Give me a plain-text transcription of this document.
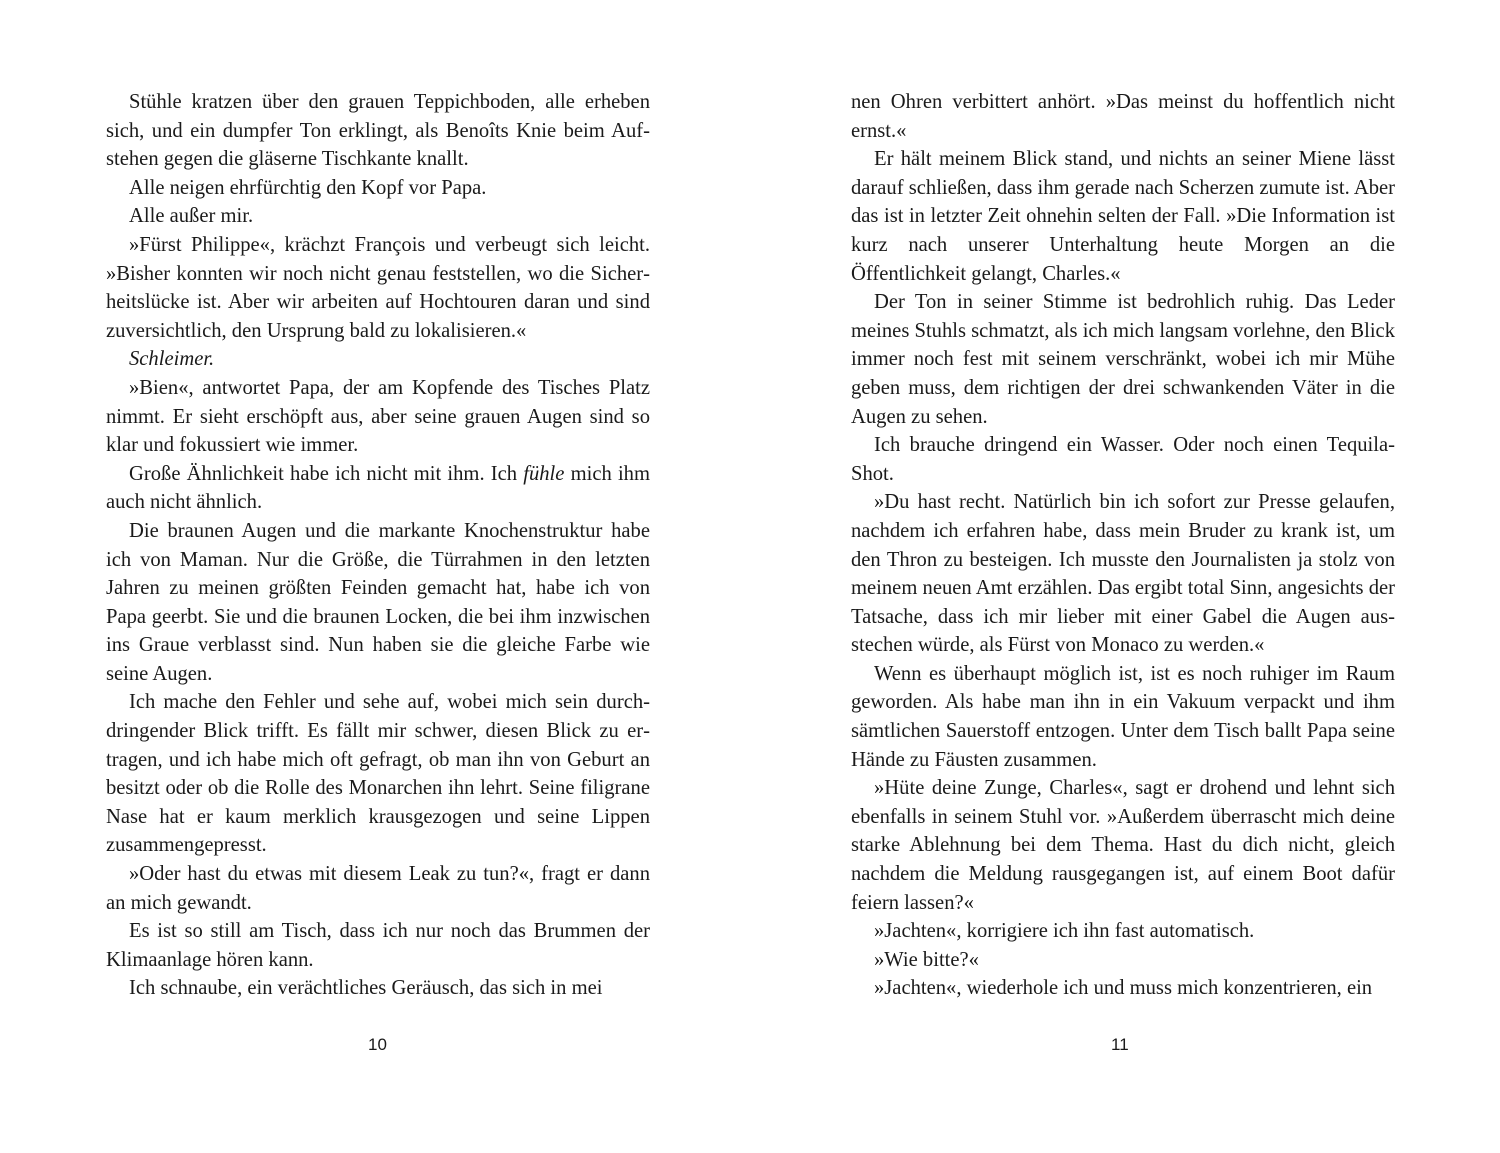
Stühle kratzen über den grauen Teppichboden, alle erheben sich, und ein dumpfer Ton erklingt, als Benoîts Knie beim Aufstehen gegen die gläserne Tischkante knallt.

Alle neigen ehrfürchtig den Kopf vor Papa.

Alle außer mir.

»Fürst Philippe«, krächzt François und verbeugt sich leicht. »Bisher konnten wir noch nicht genau feststellen, wo die Sicherheitslücke ist. Aber wir arbeiten auf Hochtouren daran und sind zuversichtlich, den Ursprung bald zu lokalisieren.«

Schleimer.

»Bien«, antwortet Papa, der am Kopfende des Tisches Platz nimmt. Er sieht erschöpft aus, aber seine grauen Augen sind so klar und fokussiert wie immer.

Große Ähnlichkeit habe ich nicht mit ihm. Ich fühle mich ihm auch nicht ähnlich.

Die braunen Augen und die markante Knochenstruktur habe ich von Maman. Nur die Größe, die Türrahmen in den letzten Jahren zu meinen größten Feinden gemacht hat, habe ich von Papa geerbt. Sie und die braunen Locken, die bei ihm inzwischen ins Graue verblasst sind. Nun haben sie die gleiche Farbe wie seine Augen.

Ich mache den Fehler und sehe auf, wobei mich sein durchdringender Blick trifft. Es fällt mir schwer, diesen Blick zu ertragen, und ich habe mich oft gefragt, ob man ihn von Geburt an besitzt oder ob die Rolle des Monarchen ihn lehrt. Seine filigrane Nase hat er kaum merklich krausgezogen und seine Lippen zusammengepresst.

»Oder hast du etwas mit diesem Leak zu tun?«, fragt er dann an mich gewandt.

Es ist so still am Tisch, dass ich nur noch das Brummen der Klimaanlage hören kann.

Ich schnaube, ein verächtliches Geräusch, das sich in mei

nen Ohren verbittert anhört. »Das meinst du hoffentlich nicht ernst.«

Er hält meinem Blick stand, und nichts an seiner Miene lässt darauf schließen, dass ihm gerade nach Scherzen zumute ist. Aber das ist in letzter Zeit ohnehin selten der Fall. »Die Information ist kurz nach unserer Unterhaltung heute Morgen an die Öffentlichkeit gelangt, Charles.«

Der Ton in seiner Stimme ist bedrohlich ruhig. Das Leder meines Stuhls schmatzt, als ich mich langsam vorlehne, den Blick immer noch fest mit seinem verschränkt, wobei ich mir Mühe geben muss, dem richtigen der drei schwankenden Väter in die Augen zu sehen.

Ich brauche dringend ein Wasser. Oder noch einen Tequila-Shot.

»Du hast recht. Natürlich bin ich sofort zur Presse gelaufen, nachdem ich erfahren habe, dass mein Bruder zu krank ist, um den Thron zu besteigen. Ich musste den Journalisten ja stolz von meinem neuen Amt erzählen. Das ergibt total Sinn, angesichts der Tatsache, dass ich mir lieber mit einer Gabel die Augen ausstechen würde, als Fürst von Monaco zu werden.«

Wenn es überhaupt möglich ist, ist es noch ruhiger im Raum geworden. Als habe man ihn in ein Vakuum verpackt und ihm sämtlichen Sauerstoff entzogen. Unter dem Tisch ballt Papa seine Hände zu Fäusten zusammen.

»Hüte deine Zunge, Charles«, sagt er drohend und lehnt sich ebenfalls in seinem Stuhl vor. »Außerdem überrascht mich deine starke Ablehnung bei dem Thema. Hast du dich nicht, gleich nachdem die Meldung rausgegangen ist, auf einem Boot dafür feiern lassen?«

»Jachten«, korrigiere ich ihn fast automatisch.

»Wie bitte?«

»Jachten«, wiederhole ich und muss mich konzentrieren, ein

10	11
